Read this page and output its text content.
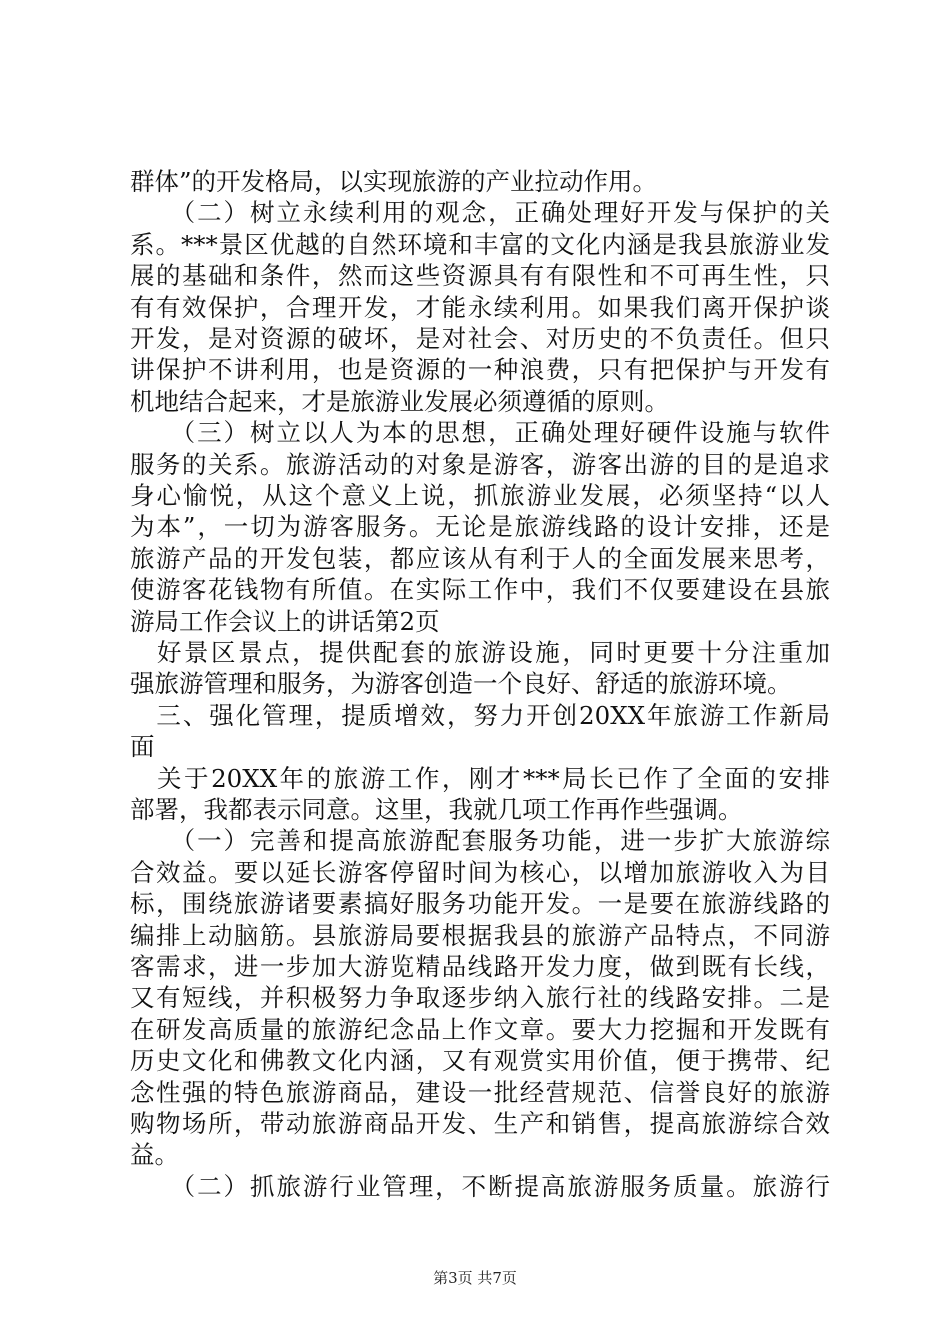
群体”的开发格局，以实现旅游的产业拉动作用。
　　（二）树立永续利用的观念，正确处理好开发与保护的关
系。***景区优越的自然环境和丰富的文化内涵是我县旅游业发
展的基础和条件，然而这些资源具有有限性和不可再生性，只
有有效保护，合理开发，才能永续利用。如果我们离开保护谈
开发，是对资源的破坏，是对社会、对历史的不负责任。但只
讲保护不讲利用，也是资源的一种浪费，只有把保护与开发有
机地结合起来，才是旅游业发展必须遵循的原则。
　　（三）树立以人为本的思想，正确处理好硬件设施与软件
服务的关系。旅游活动的对象是游客，游客出游的目的是追求
身心愉悦，从这个意义上说，抓旅游业发展，必须坚持“以人
为本”，一切为游客服务。无论是旅游线路的设计安排，还是
旅游产品的开发包装，都应该从有利于人的全面发展来思考，
使游客花钱物有所值。在实际工作中，我们不仅要建设在县旅
游局工作会议上的讲话第2页
　好景区景点，提供配套的旅游设施，同时更要十分注重加
强旅游管理和服务，为游客创造一个良好、舒适的旅游环境。
　三、强化管理，提质增效，努力开创20XX年旅游工作新局
面
　关于20XX年的旅游工作，刚才***局长已作了全面的安排
部署，我都表示同意。这里，我就几项工作再作些强调。
　　（一）完善和提高旅游配套服务功能，进一步扩大旅游综
合效益。要以延长游客停留时间为核心，以增加旅游收入为目
标，围绕旅游诸要素搞好服务功能开发。一是要在旅游线路的
编排上动脑筋。县旅游局要根据我县的旅游产品特点，不同游
客需求，进一步加大游览精品线路开发力度，做到既有长线，
又有短线，并积极努力争取逐步纳入旅行社的线路安排。二是
在研发高质量的旅游纪念品上作文章。要大力挖掘和开发既有
历史文化和佛教文化内涵，又有观赏实用价值，便于携带、纪
念性强的特色旅游商品，建设一批经营规范、信誉良好的旅游
购物场所，带动旅游商品开发、生产和销售，提高旅游综合效
益。
　　（二）抓旅游行业管理，不断提高旅游服务质量。旅游行
第3页 共7页
